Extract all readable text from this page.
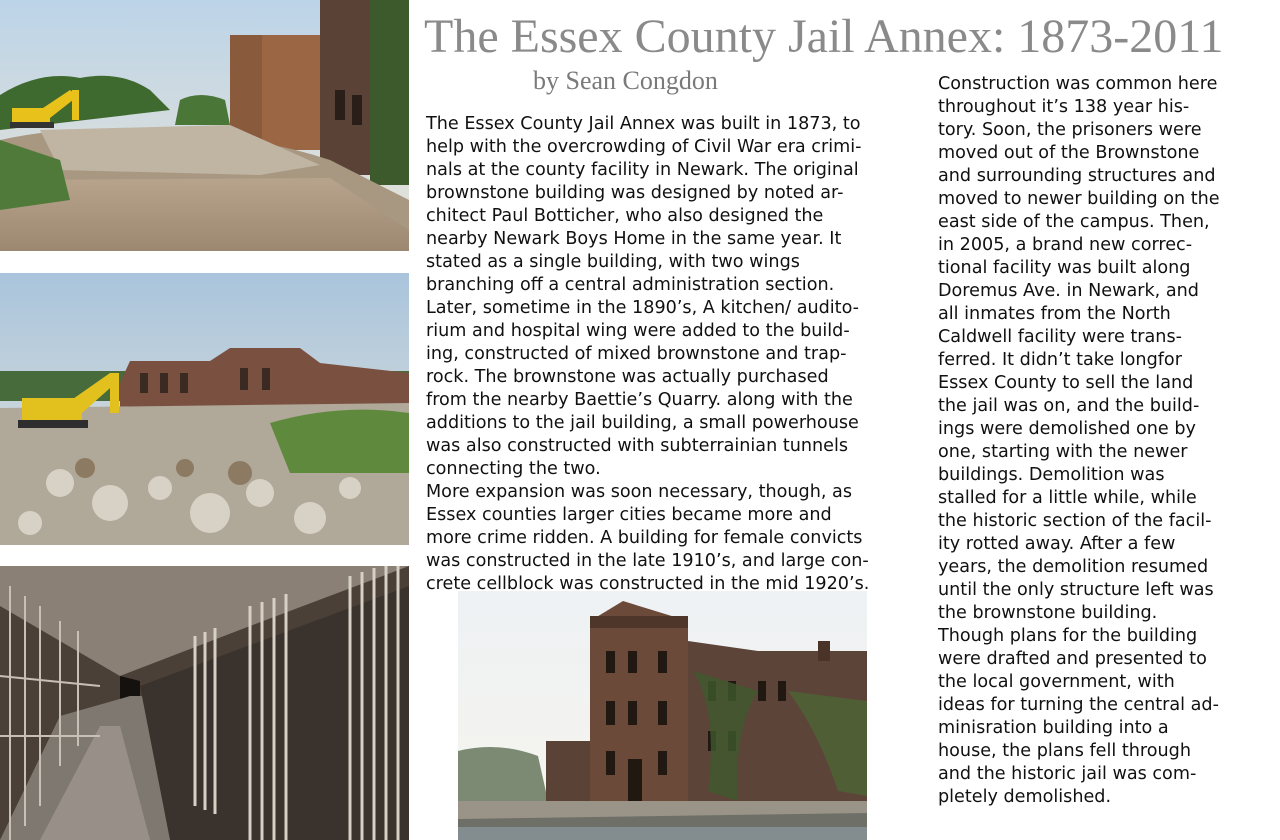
The Essex County Jail Annex: 1873-2011
by Sean Congdon
The Essex County Jail Annex was built in 1873, to
help with the overcrowding of Civil War era crimi-
nals at the county facility in Newark. The original
brownstone building was designed by noted ar-
chitect Paul Botticher, who also designed the
nearby Newark Boys Home in the same year. It
stated as a single building, with two wings
branching off a central administration section.
Later, sometime in the 1890’s, A kitchen/ audito-
rium and hospital wing were added to the build-
ing, constructed of mixed brownstone and trap-
rock. The brownstone was actually purchased
from the nearby Baettie’s Quarry. along with the
additions to the jail building, a small powerhouse
was also constructed with subterrainian tunnels
connecting the two.
More expansion was soon necessary, though, as
Essex counties larger cities became more and
more crime ridden. A building for female convicts
was constructed in the late 1910’s, and large con-
crete cellblock was constructed in the mid 1920’s.
Construction was common here
throughout it’s 138 year his-
tory. Soon, the prisoners were
moved out of the Brownstone
and surrounding structures and
moved to newer building on the
east side of the campus. Then,
in 2005, a brand new correc-
tional facility was built along
Doremus Ave. in Newark, and
all inmates from the North
Caldwell facility were trans-
ferred. It didn’t take longfor
Essex County to sell the land
the jail was on, and the build-
ings were demolished one by
one, starting with the newer
buildings. Demolition was
stalled for a little while, while
the historic section of the facil-
ity rotted away. After a few
years, the demolition resumed
until the only structure left was
the brownstone building.
Though plans for the building
were drafted and presented to
the local government, with
ideas for turning the central ad-
minisration building into a
house, the plans fell through
and the historic jail was com-
pletely demolished.
